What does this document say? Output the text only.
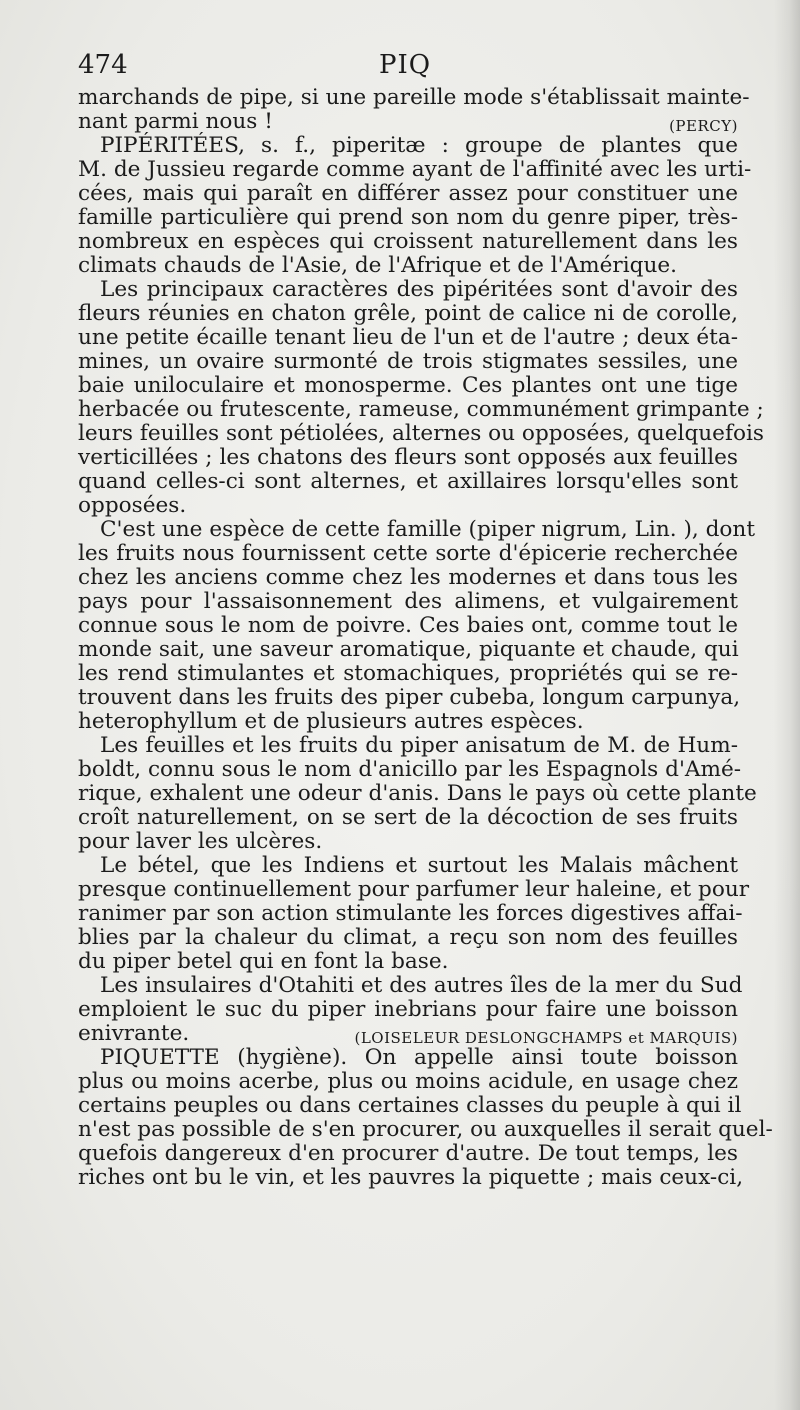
474	PIQ
marchands de pipe, si une pareille mode s'établissait mainte-
nant parmi nous !	(PERCY)
PIPÉRITÉES, s. f., piperitæ : groupe de plantes que
M. de Jussieu regarde comme ayant de l'affinité avec les urti-
cées, mais qui paraît en différer assez pour constituer une
famille particulière qui prend son nom du genre piper, très-
nombreux en espèces qui croissent naturellement dans les
climats chauds de l'Asie, de l'Afrique et de l'Amérique.
Les principaux caractères des pipéritées sont d'avoir des
fleurs réunies en chaton grêle, point de calice ni de corolle,
une petite écaille tenant lieu de l'un et de l'autre ; deux éta-
mines, un ovaire surmonté de trois stigmates sessiles, une
baie uniloculaire et monosperme. Ces plantes ont une tige
herbacée ou frutescente, rameuse, communément grimpante ;
leurs feuilles sont pétiolées, alternes ou opposées, quelquefois
verticillées ; les chatons des fleurs sont opposés aux feuilles
quand celles-ci sont alternes, et axillaires lorsqu'elles sont
opposées.
C'est une espèce de cette famille (piper nigrum, Lin. ), dont
les fruits nous fournissent cette sorte d'épicerie recherchée
chez les anciens comme chez les modernes et dans tous les
pays pour l'assaisonnement des alimens, et vulgairement
connue sous le nom de poivre. Ces baies ont, comme tout le
monde sait, une saveur aromatique, piquante et chaude, qui
les rend stimulantes et stomachiques, propriétés qui se re-
trouvent dans les fruits des piper cubeba, longum carpunya,
heterophyllum et de plusieurs autres espèces.
Les feuilles et les fruits du piper anisatum de M. de Hum-
boldt, connu sous le nom d'anicillo par les Espagnols d'Amé-
rique, exhalent une odeur d'anis. Dans le pays où cette plante
croît naturellement, on se sert de la décoction de ses fruits
pour laver les ulcères.
Le bétel, que les Indiens et surtout les Malais mâchent
presque continuellement pour parfumer leur haleine, et pour
ranimer par son action stimulante les forces digestives affai-
blies par la chaleur du climat, a reçu son nom des feuilles
du piper betel qui en font la base.
Les insulaires d'Otahiti et des autres îles de la mer du Sud
emploient le suc du piper inebrians pour faire une boisson
enivrante.	(LOISELEUR DESLONGCHAMPS et MARQUIS)
PIQUETTE (hygiène). On appelle ainsi toute boisson
plus ou moins acerbe, plus ou moins acidule, en usage chez
certains peuples ou dans certaines classes du peuple à qui il
n'est pas possible de s'en procurer, ou auxquelles il serait quel-
quefois dangereux d'en procurer d'autre. De tout temps, les
riches ont bu le vin, et les pauvres la piquette ; mais ceux-ci,
